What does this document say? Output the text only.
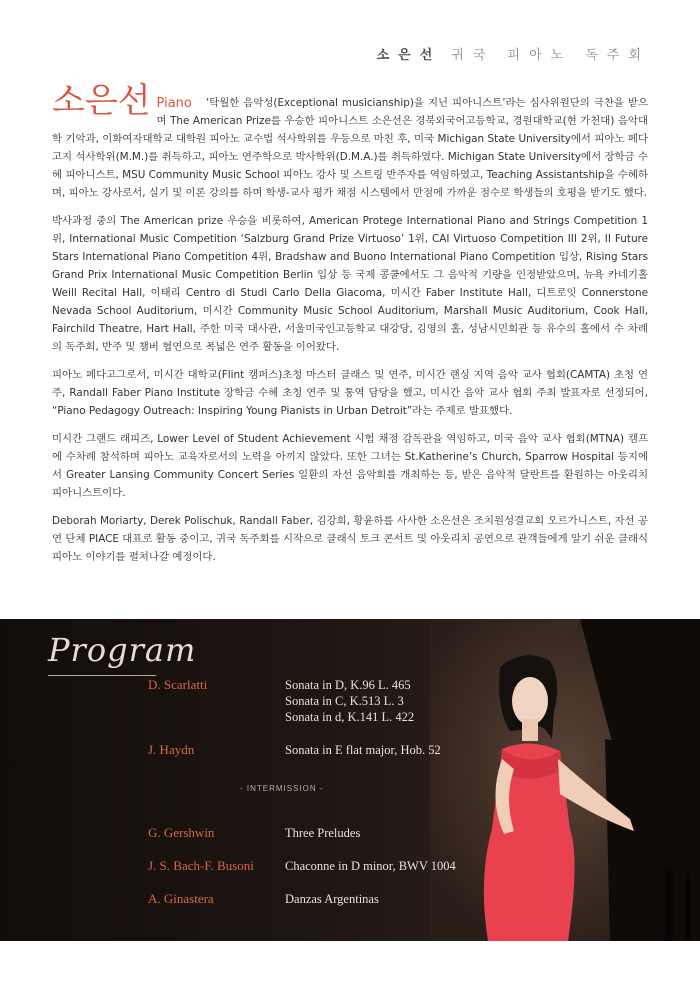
소은선 귀국 피아노 독주회
소은선 Piano	‘탁월한 음악성(Exceptional musicianship)을 지닌 피아니스트’라는 심사위원단의 극찬을 받으며 The American Prize를 우승한 피아니스트 소은선은 경북외국어고등학교, 경원대학교(현 가천대) 음악대학 기악과, 이화여자대학교 대학원 피아노 교수법 석사학위를 우등으로 마친 후, 미국 Michigan State University에서 피아노 페다고지 석사학위(M.M.)를 취득하고, 피아노 연주학으로 박사학위(D.M.A.)를 취득하였다. Michigan State University에서 장학금 수혜 피아니스트, MSU Community Music School 피아노 강사 및 스트링 반주자를 역임하였고, Teaching Assistantship을 수혜하며, 피아노 강사로서, 실기 및 이론 강의를 하며 학생-교사 평가 채점 시스템에서 만점에 가까운 점수로 학생들의 호평을 받기도 했다.

박사과정 중의 The American prize 우승을 비롯하여, American Protege International Piano and Strings Competition 1위, International Music Competition ‘Salzburg Grand Prize Virtuoso’ 1위, CAI Virtuoso Competition III 2위, II Future Stars International Piano Competition 4위, Bradshaw and Buono International Piano Competition 입상, Rising Stars Grand Prix International Music Competition Berlin 입상 등 국제 콩쿨에서도 그 음악적 기량을 인정받았으며, 뉴욕 카네기홀 Weill Recital Hall, 이태리 Centro di Studi Carlo Della Giacoma, 미시간 Faber Institute Hall, 디트로잇 Connerstone Nevada School Auditorium, 미시간 Community Music School Auditorium, Marshall Music Auditorium, Cook Hall, Fairchild Theatre, Hart Hall, 주한 미국 대사관, 서울미국인고등학교 대강당, 김영의 홀, 성남시민회관 등 유수의 홀에서 수 차례의 독주회, 반주 및 챔버 협연으로 폭넓은 연주 활동을 이어왔다.

피아노 페다고그로서, 미시간 대학교(Flint 캠퍼스)초청 마스터 클래스 및 연주, 미시간 랜싱 지역 음악 교사 협회(CAMTA) 초청 연주, Randall Faber Piano Institute 장학금 수혜 초청 연주 및 통역 담당을 했고, 미시간 음악 교사 협회 주최 발표자로 선정되어, “Piano Pedagogy Outreach: Inspiring Young Pianists in Urban Detroit”라는 주제로 발표했다.

미시간 그랜드 래피즈, Lower Level of Student Achievement 시험 채점 감독관을 역임하고, 미국 음악 교사 협회(MTNA) 캠프에 수차례 참석하며 피아노 교육자로서의 노력을 아끼지 않았다. 또한 그녀는 St.Katherine’s Church, Sparrow Hospital 등지에서 Greater Lansing Community Concert Series 일환의 자선 음악회를 개최하는 등, 받은 음악적 달란트를 환원하는 아웃리치 피아니스트이다.

Deborah Moriarty, Derek Polischuk, Randall Faber, 김강희, 황윤하를 사사한 소은선은 조치원성결교회 오르가니스트, 자선 공연 단체 PIACE 대표로 활동 중이고, 귀국 독주회를 시작으로 클래식 토크 콘서트 및 아웃리치 공연으로 관객들에게 알기 쉬운 클래식 피아노 이야기를 펼쳐나갈 예정이다.

Program
D. Scarlatti	Sonata in D, K.96 L. 465
Sonata in C, K.513 L. 3
Sonata in d, K.141 L. 422
J. Haydn	Sonata in E flat major, Hob. 52
- INTERMISSION -
G. Gershwin	Three Preludes
J. S. Bach-F. Busoni	Chaconne in D minor, BWV 1004
A. Ginastera	Danzas Argentinas
